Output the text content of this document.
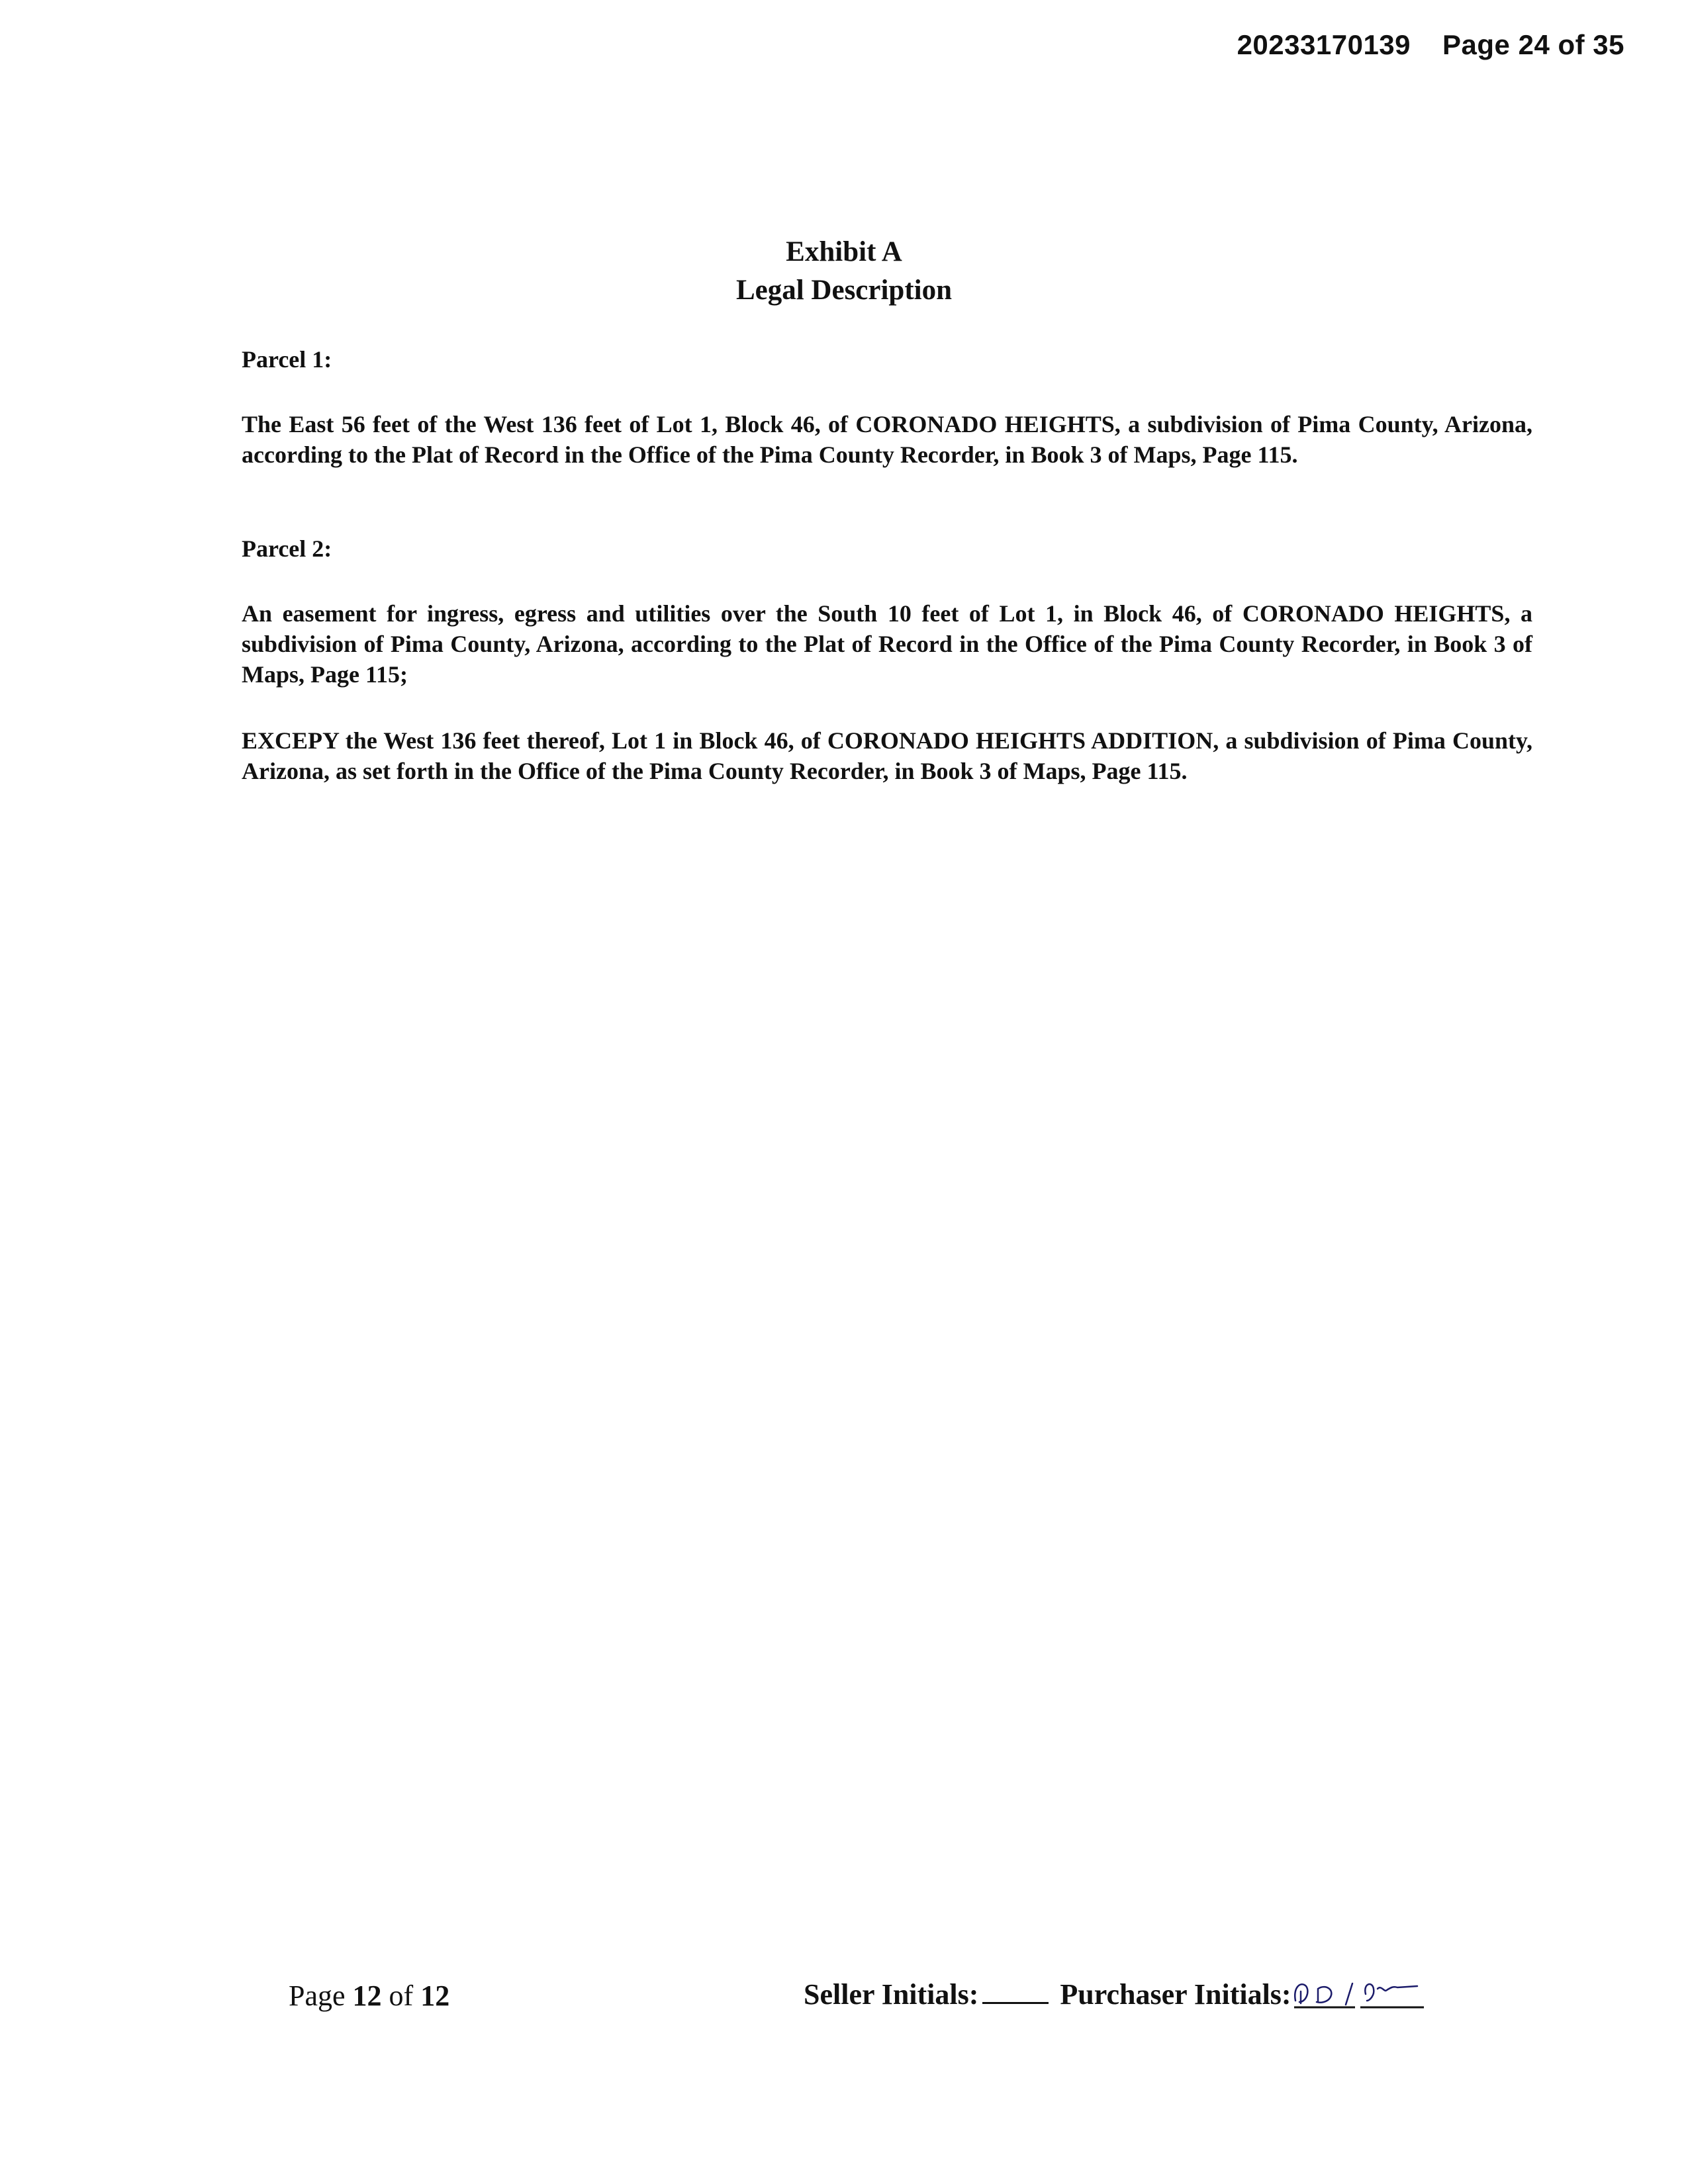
20233170139 Page 24 of 35
Exhibit A
Legal Description
Parcel 1:
The East 56 feet of the West 136 feet of Lot 1, Block 46, of CORONADO HEIGHTS, a subdivision of Pima County, Arizona, according to the Plat of Record in the Office of the Pima County Recorder, in Book 3 of Maps, Page 115.
Parcel 2:
An easement for ingress, egress and utilities over the South 10 feet of Lot 1, in Block 46, of CORONADO HEIGHTS, a subdivision of Pima County, Arizona, according to the Plat of Record in the Office of the Pima County Recorder, in Book 3 of Maps, Page 115;
EXCEPY the West 136 feet thereof, Lot 1 in Block 46, of CORONADO HEIGHTS ADDITION, a subdivision of Pima County, Arizona, as set forth in the Office of the Pima County Recorder, in Book 3 of Maps, Page 115.
Page 12 of 12	Seller Initials:	Purchaser Initials:
